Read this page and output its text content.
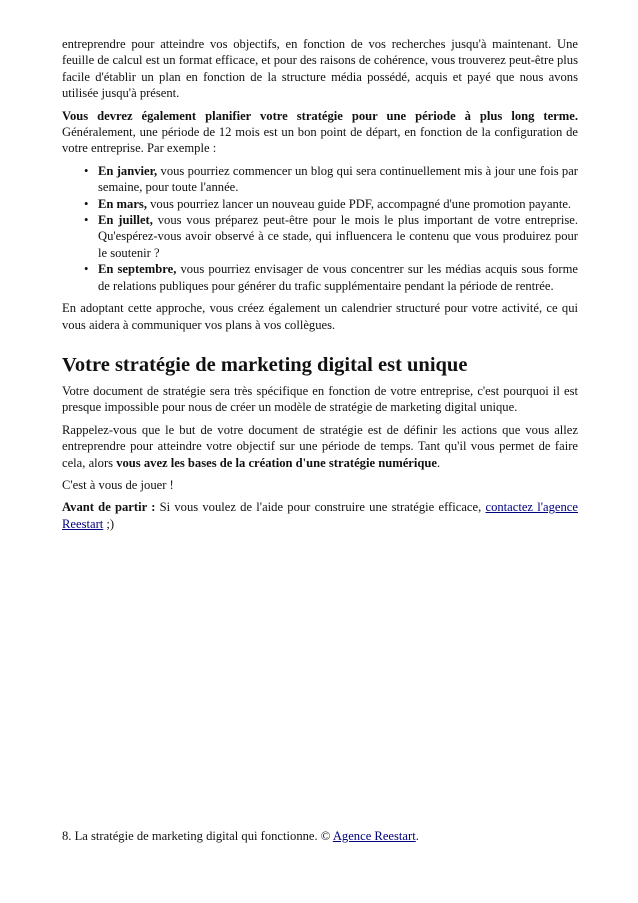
entreprendre pour atteindre vos objectifs, en fonction de vos recherches jusqu'à maintenant. Une feuille de calcul est un format efficace, et pour des raisons de cohérence, vous trouverez peut-être plus facile d'établir un plan en fonction de la structure média possédé, acquis et payé que nous avons utilisée jusqu'à présent.

Vous devrez également planifier votre stratégie pour une période à plus long terme. Généralement, une période de 12 mois est un bon point de départ, en fonction de la configuration de votre entreprise. Par exemple :

• En janvier, vous pourriez commencer un blog qui sera continuellement mis à jour une fois par semaine, pour toute l'année.
• En mars, vous pourriez lancer un nouveau guide PDF, accompagné d'une promotion payante.
• En juillet, vous vous préparez peut-être pour le mois le plus important de votre entreprise. Qu'espérez-vous avoir observé à ce stade, qui influencera le contenu que vous produirez pour le soutenir ?
• En septembre, vous pourriez envisager de vous concentrer sur les médias acquis sous forme de relations publiques pour générer du trafic supplémentaire pendant la période de rentrée.

En adoptant cette approche, vous créez également un calendrier structuré pour votre activité, ce qui vous aidera à communiquer vos plans à vos collègues.

Votre stratégie de marketing digital est unique

Votre document de stratégie sera très spécifique en fonction de votre entreprise, c'est pourquoi il est presque impossible pour nous de créer un modèle de stratégie de marketing digital unique.

Rappelez-vous que le but de votre document de stratégie est de définir les actions que vous allez entreprendre pour atteindre votre objectif sur une période de temps. Tant qu'il vous permet de faire cela, alors vous avez les bases de la création d'une stratégie numérique.

C'est à vous de jouer !

Avant de partir : Si vous voulez de l'aide pour construire une stratégie efficace, contactez l'agence Reestart ;)

8. La stratégie de marketing digital qui fonctionne. © Agence Reestart.
